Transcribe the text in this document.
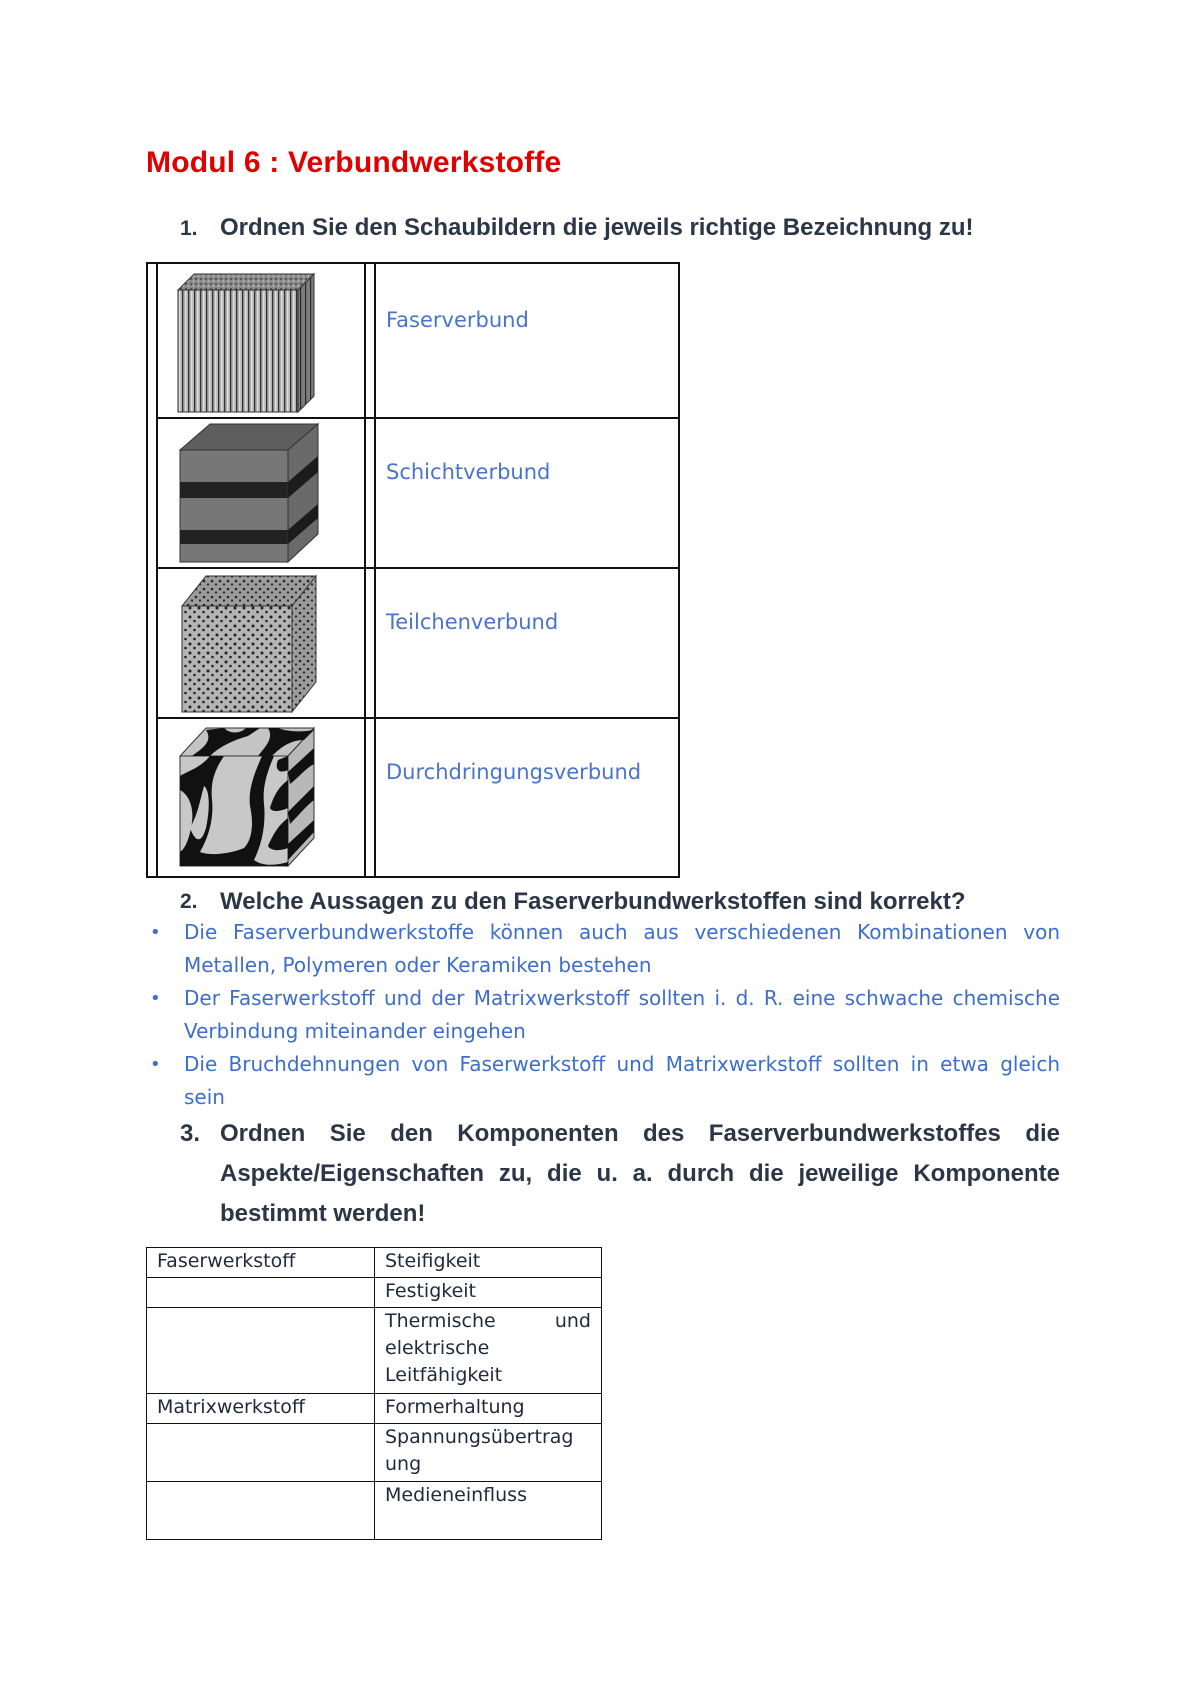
Modul 6 : Verbundwerkstoffe
1. Ordnen Sie den Schaubildern die jeweils richtige Bezeichnung zu!
Faserverbund
Schichtverbund
Teilchenverbund
Durchdringungsverbund
2. Welche Aussagen zu den Faserverbundwerkstoffen sind korrekt?
• Die Faserverbundwerkstoffe können auch aus verschiedenen Kombinationen von Metallen, Polymeren oder Keramiken bestehen
• Der Faserwerkstoff und der Matrixwerkstoff sollten i. d. R. eine schwache chemische Verbindung miteinander eingehen
• Die Bruchdehnungen von Faserwerkstoff und Matrixwerkstoff sollten in etwa gleich sein
3. Ordnen Sie den Komponenten des Faserverbundwerkstoffes die Aspekte/Eigenschaften zu, die u. a. durch die jeweilige Komponente bestimmt werden!
Faserwerkstoff	Steifigkeit
	Festigkeit
	Thermische und elektrische Leitfähigkeit
Matrixwerkstoff	Formerhaltung
	Spannungsübertrag ung
	Medieneinfluss
